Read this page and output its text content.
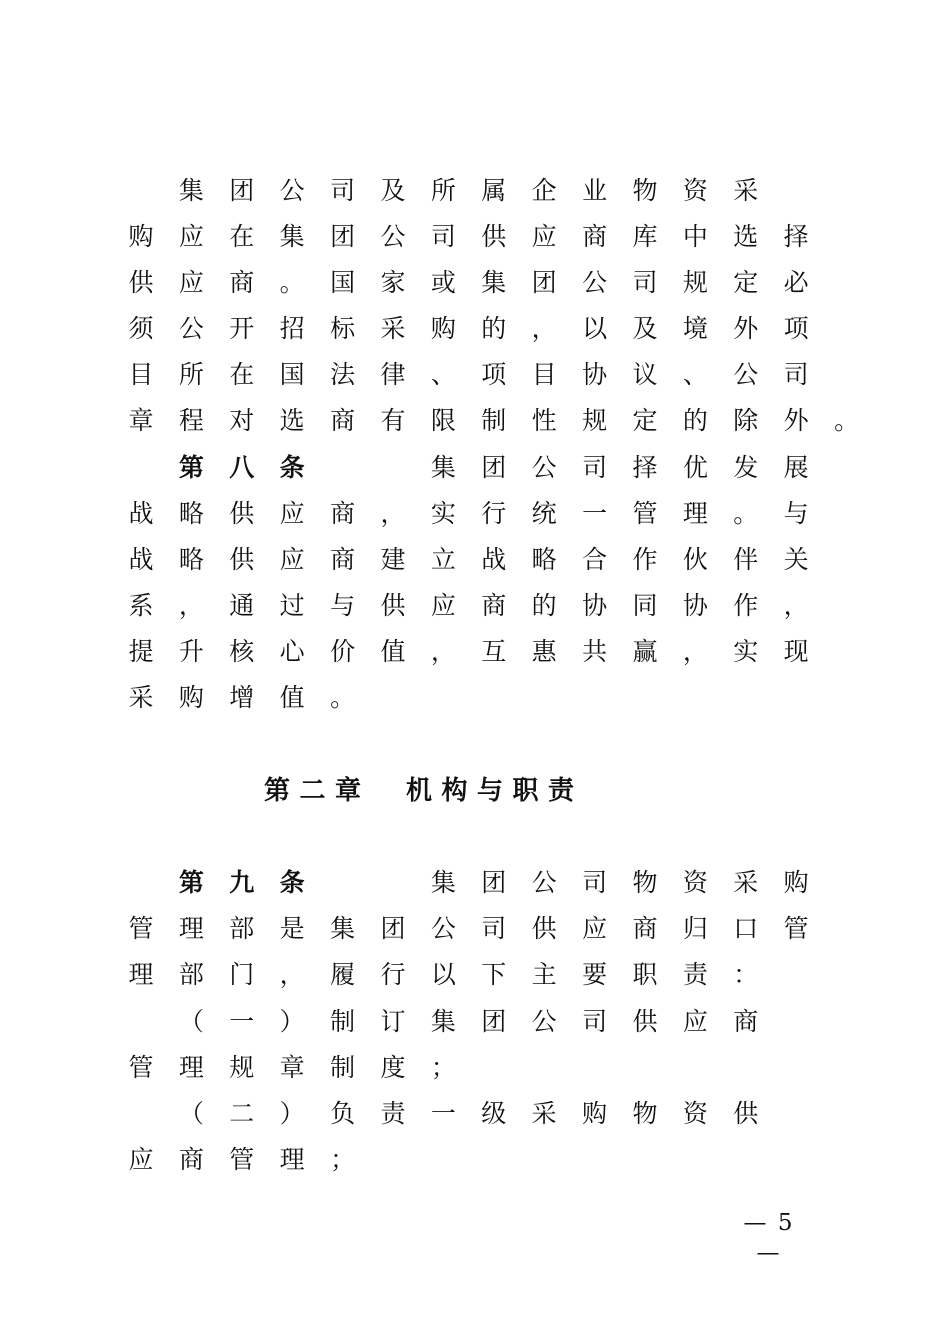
集 团 公 司 及 所 属 企 业 物 资 采
购 应 在 集 团 公 司 供 应 商 库 中 选 择
供 应 商 。 国 家 或 集 团 公 司 规 定 必
须 公 开 招 标 采 购 的 ， 以 及 境 外 项
目 所 在 国 法 律 、 项 目 协 议 、 公 司
章 程 对 选 商 有 限 制 性 规 定 的 除 外 。

第 八 条

　	集 团 公 司 择 优 发 展
战 略 供 应 商 ， 实 行 统 一 管 理 。 与
战 略 供 应 商 建 立 战 略 合 作 伙 伴 关
系 ， 通 过 与 供 应 商 的 协 同 协 作 ，
提 升 核 心 价 值 ， 互 惠 共 赢 ， 实 现
采 购 增 值 。
第 二 章
　 机 构 与 职 责

第 九 条

　	集 团 公 司 物 资 采 购
管 理 部 是 集 团 公 司 供 应 商 归 口 管
理 部 门 ， 履 行 以 下 主 要 职 责 ：

（ 一 ） 制 订 集 团 公 司 供 应 商
管 理 规 章 制 度 ；

（ 二 ） 负 责 一 级 采 购 物 资 供
应 商 管 理 ；
— 5 —
